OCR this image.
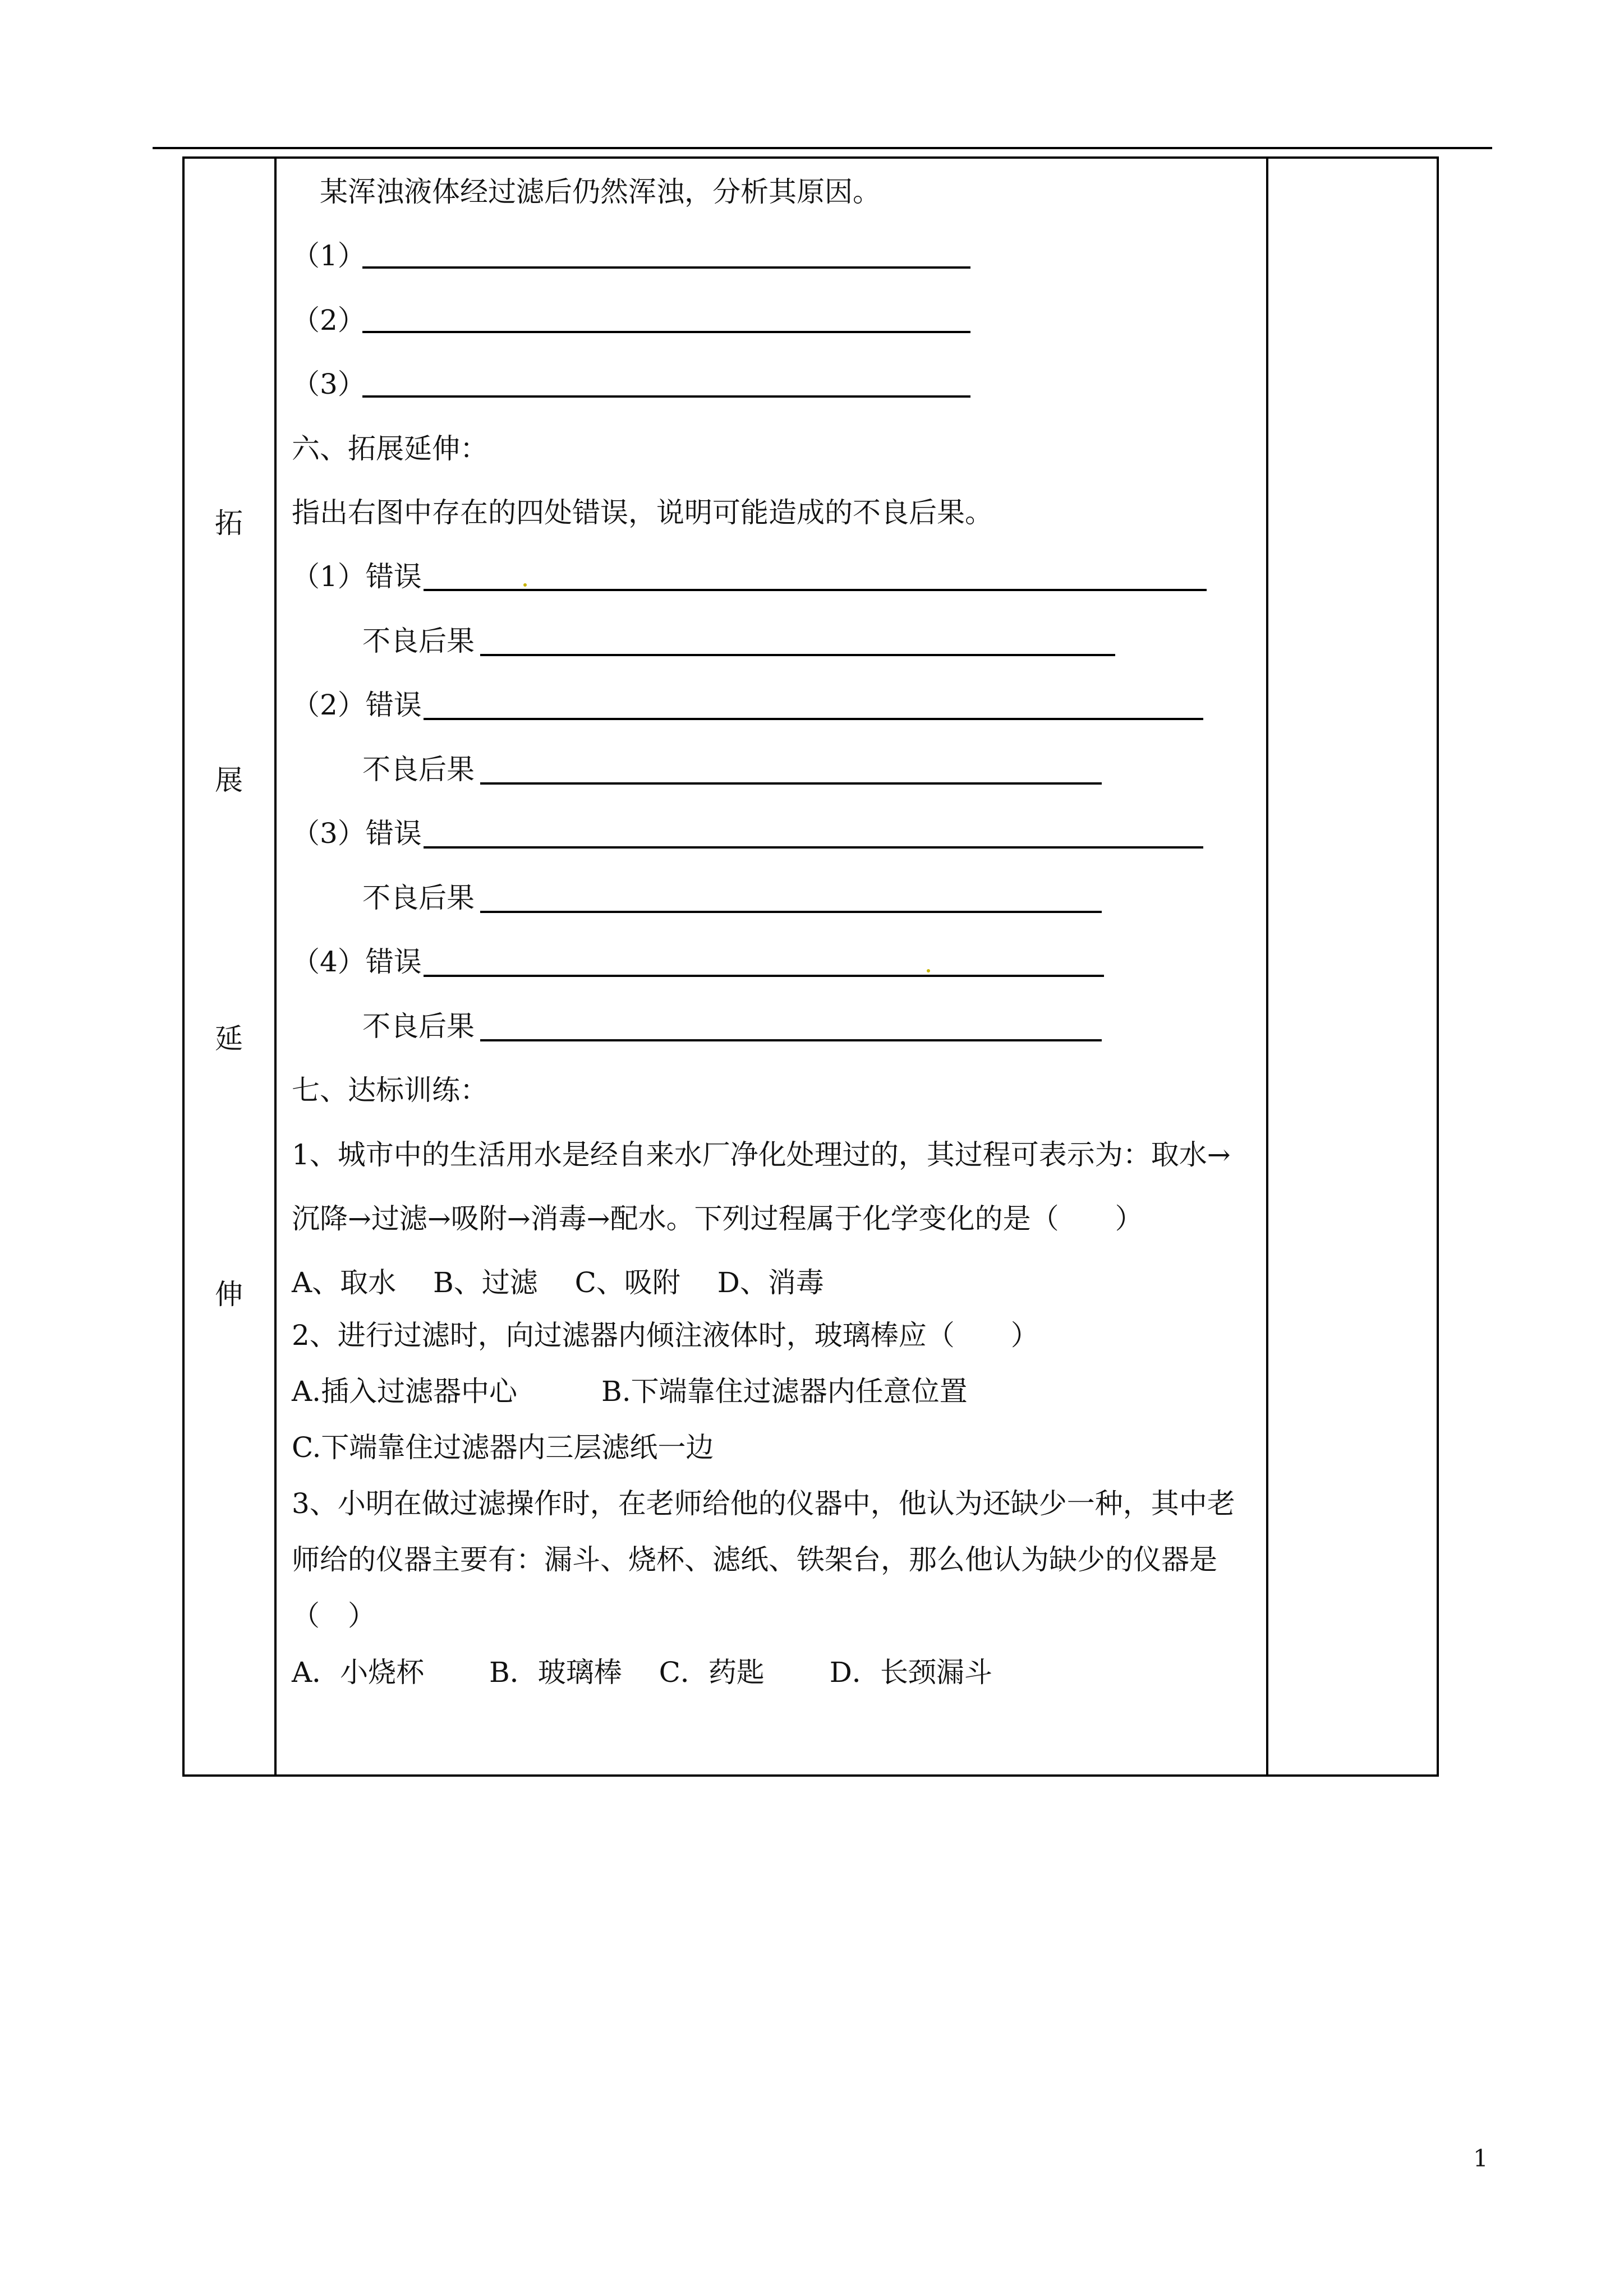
拓
展
延
伸
某浑浊液体经过滤后仍然浑浊，分析其原因。
（1）
（2）
（3）
六、拓展延伸：
指出右图中存在的四处错误，说明可能造成的不良后果。
（1）错误
不良后果
（2）错误
不良后果
（3）错误
不良后果
（4）错误
不良后果
七、达标训练：
1、城市中的生活用水是经自来水厂净化处理过的，其过程可表示为：取水→
沉降→过滤→吸附→消毒→配水。下列过程属于化学变化的是（　　）
A、取水　 B、过滤　 C、吸附　 D、消毒
2、进行过滤时，向过滤器内倾注液体时，玻璃棒应（　　）
A.插入过滤器中心　　　B.下端靠住过滤器内任意位置
C.下端靠住过滤器内三层滤纸一边
3、小明在做过滤操作时，在老师给他的仪器中，他认为还缺少一种，其中老
师给的仪器主要有：漏斗、烧杯、滤纸、铁架台，那么他认为缺少的仪器是
（　）
A．小烧杯　　 B．玻璃棒　 C．药匙　　 D．长颈漏斗
1
